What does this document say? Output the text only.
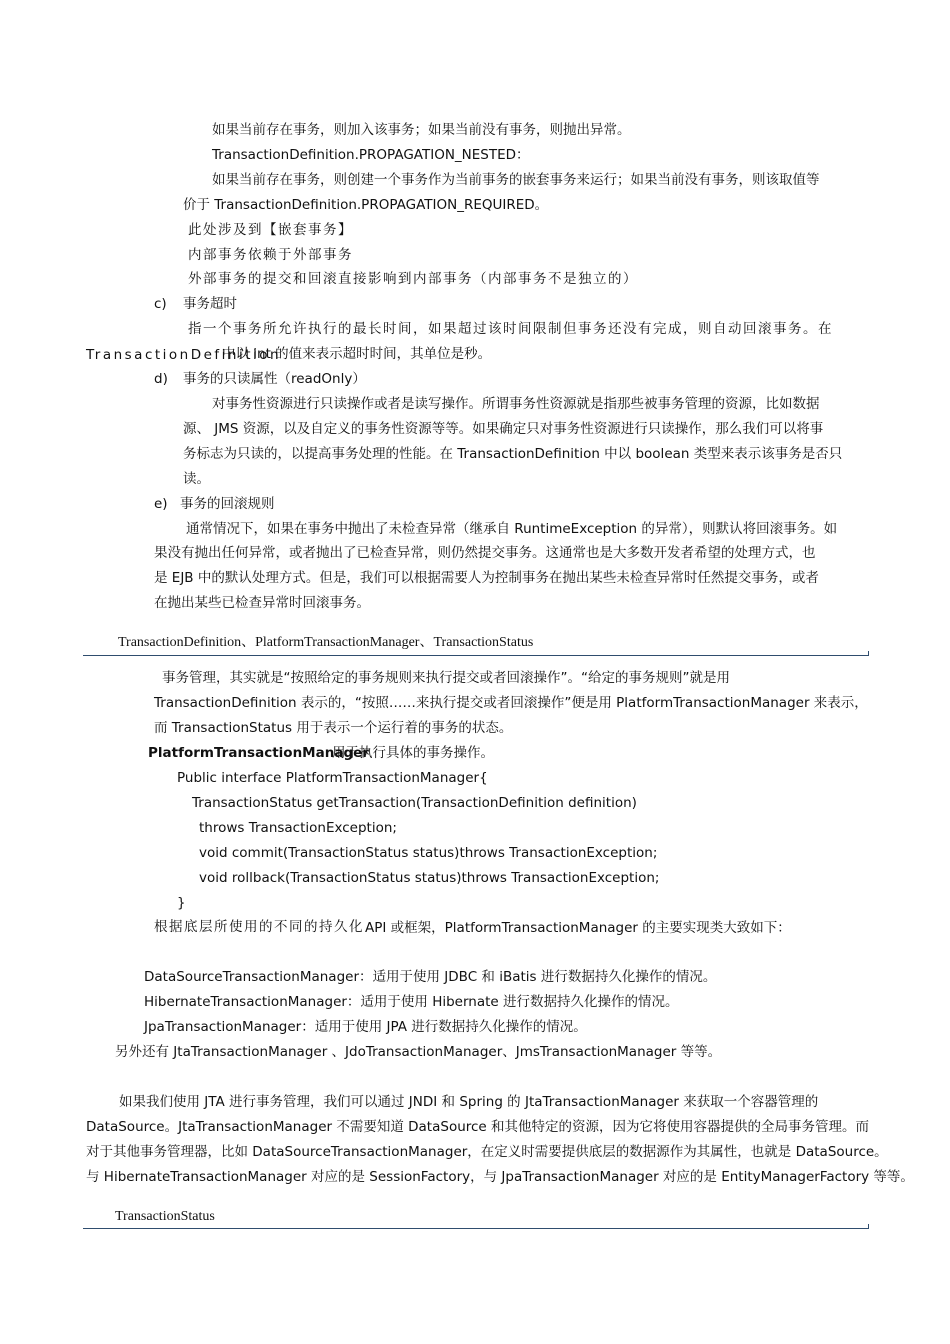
如果当前存在事务，则加入该事务；如果当前没有事务，则抛出异常。
TransactionDefinition.PROPAGATION_NESTED：
如果当前存在事务，则创建一个事务作为当前事务的嵌套事务来运行；如果当前没有事务，则该取值等
价于 TransactionDefinition.PROPAGATION_REQUIRED。
此处涉及到【嵌套事务】
内部事务依赖于外部事务
外部事务的提交和回滚直接影响到内部事务（内部事务不是独立的）
c) 事务超时
指一个事务所允许执行的最长时间，如果超过该时间限制但事务还没有完成，则自动回滚事务。在
TransactionDefinition
中以 int 的值来表示超时时间，其单位是秒。
d) 事务的只读属性（readOnly）
对事务性资源进行只读操作或者是读写操作。所谓事务性资源就是指那些被事务管理的资源，比如数据
源、 JMS 资源，以及自定义的事务性资源等等。如果确定只对事务性资源进行只读操作，那么我们可以将事
务标志为只读的，以提高事务处理的性能。在 TransactionDefinition 中以 boolean 类型来表示该事务是否只
读。
e) 事务的回滚规则
通常情况下，如果在事务中抛出了未检查异常（继承自 RuntimeException 的异常），则默认将回滚事务。如
果没有抛出任何异常，或者抛出了已检查异常，则仍然提交事务。这通常也是大多数开发者希望的处理方式，也
是 EJB 中的默认处理方式。但是，我们可以根据需要人为控制事务在抛出某些未检查异常时任然提交事务，或者
在抛出某些已检查异常时回滚事务。
TransactionDefinition、PlatformTransactionManager、TransactionStatus
事务管理，其实就是“按照给定的事务规则来执行提交或者回滚操作”。“给定的事务规则”就是用
TransactionDefinition 表示的，“按照……来执行提交或者回滚操作”便是用 PlatformTransactionManager 来表示，
而 TransactionStatus 用于表示一个运行着的事务的状态。
PlatformTransactionManager
用于执行具体的事务操作。
Public interface PlatformTransactionManager{
TransactionStatus getTransaction(TransactionDefinition definition)
throws TransactionException;
void commit(TransactionStatus status)throws TransactionException;
void rollback(TransactionStatus status)throws TransactionException;
}
根据底层所使用的不同的持久化 API 或框架，PlatformTransactionManager 的主要实现类大致如下：
DataSourceTransactionManager：适用于使用 JDBC 和 iBatis 进行数据持久化操作的情况。
HibernateTransactionManager：适用于使用 Hibernate 进行数据持久化操作的情况。
JpaTransactionManager：适用于使用 JPA 进行数据持久化操作的情况。
另外还有 JtaTransactionManager 、JdoTransactionManager、JmsTransactionManager 等等。
如果我们使用 JTA 进行事务管理，我们可以通过 JNDI 和 Spring 的 JtaTransactionManager 来获取一个容器管理的
DataSource。JtaTransactionManager 不需要知道 DataSource 和其他特定的资源，因为它将使用容器提供的全局事务管理。而
对于其他事务管理器，比如 DataSourceTransactionManager，在定义时需要提供底层的数据源作为其属性，也就是 DataSource。
与 HibernateTransactionManager 对应的是 SessionFactory，与 JpaTransactionManager 对应的是 EntityManagerFactory 等等。
TransactionStatus
